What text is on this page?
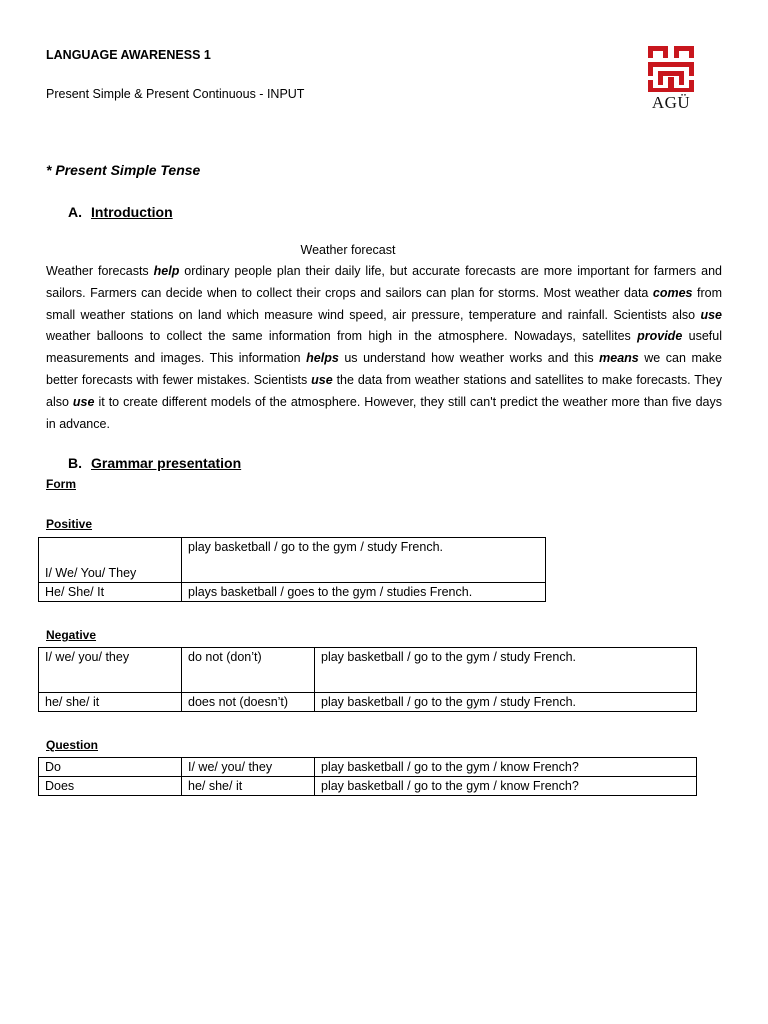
LANGUAGE AWARENESS 1
Present Simple & Present Continuous - INPUT	AGÜ
* Present Simple Tense
A. Introduction
Weather forecast
Weather forecasts help ordinary people plan their daily life, but accurate forecasts are more important for farmers and sailors. Farmers can decide when to collect their crops and sailors can plan for storms. Most weather data comes from small weather stations on land which measure wind speed, air pressure, temperature and rainfall. Scientists also use weather balloons to collect the same information from high in the atmosphere. Nowadays, satellites provide useful measurements and images. This information helps us understand how weather works and this means we can make better forecasts with fewer mistakes. Scientists use the data from weather stations and satellites to make forecasts. They also use it to create different models of the atmosphere. However, they still can't predict the weather more than five days in advance.
B. Grammar presentation
Form
Positive
I/ We/ You/ They	play basketball / go to the gym / study French.
He/ She/ It	plays basketball / goes to the gym / studies French.
Negative
I/ we/ you/ they	do not (don’t)	play basketball / go to the gym / study French.
he/ she/ it	does not (doesn’t)	play basketball / go to the gym / study French.
Question
Do	I/ we/ you/ they	play basketball / go to the gym / know French?
Does	he/ she/ it	play basketball / go to the gym / know French?
